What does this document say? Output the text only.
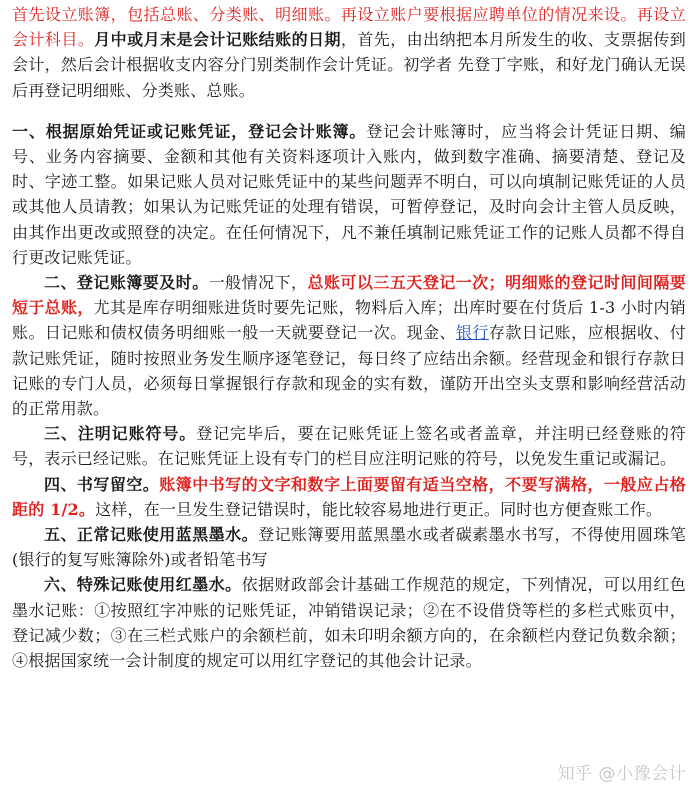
首先设立账簿，包括总账、分类账、明细账。再设立账户要根据应聘单位的情况来设。再设立会计科目。月中或月末是会计记账结账的日期，首先，由出纳把本月所发生的收、支票据传到会计，然后会计根据收支内容分门别类制作会计凭证。初学者 先登丁字账，和好龙门确认无误后再登记明细账、分类账、总账。

一、根据原始凭证或记账凭证，登记会计账簿。登记会计账簿时，应当将会计凭证日期、编号、业务内容摘要、金额和其他有关资料逐项计入账内，做到数字准确、摘要清楚、登记及时、字迹工整。如果记账人员对记账凭证中的某些问题弄不明白，可以向填制记账凭证的人员或其他人员请教；如果认为记账凭证的处理有错误，可暂停登记，及时向会计主管人员反映，由其作出更改或照登的决定。在任何情况下，凡不兼任填制记账凭证工作的记账人员都不得自行更改记账凭证。

二、登记账簿要及时。一般情况下，总账可以三五天登记一次；明细账的登记时间间隔要短于总账，尤其是库存明细账进货时要先记账，物料后入库；出库时要在付货后 1-3 小时内销账。日记账和债权债务明细账一般一天就要登记一次。现金、银行存款日记账，应根据收、付款记账凭证，随时按照业务发生顺序逐笔登记，每日终了应结出余额。经营现金和银行存款日记账的专门人员，必须每日掌握银行存款和现金的实有数，谨防开出空头支票和影响经营活动的正常用款。

三、注明记账符号。登记完毕后，要在记账凭证上签名或者盖章，并注明已经登账的符号，表示已经记账。在记账凭证上设有专门的栏目应注明记账的符号，以免发生重记或漏记。

四、书写留空。账簿中书写的文字和数字上面要留有适当空格，不要写满格，一般应占格距的 1/2。这样，在一旦发生登记错误时，能比较容易地进行更正。同时也方便查账工作。

五、正常记账使用蓝黑墨水。登记账簿要用蓝黑墨水或者碳素墨水书写，不得使用圆珠笔(银行的复写账簿除外)或者铅笔书写

六、特殊记账使用红墨水。依据财政部会计基础工作规范的规定，下列情况，可以用红色墨水记账：①按照红字冲账的记账凭证，冲销错误记录；②在不设借贷等栏的多栏式账页中，登记减少数；③在三栏式账户的余额栏前，如未印明余额方向的，在余额栏内登记负数余额；④根据国家统一会计制度的规定可以用红字登记的其他会计记录。

知乎 @小豫会计
